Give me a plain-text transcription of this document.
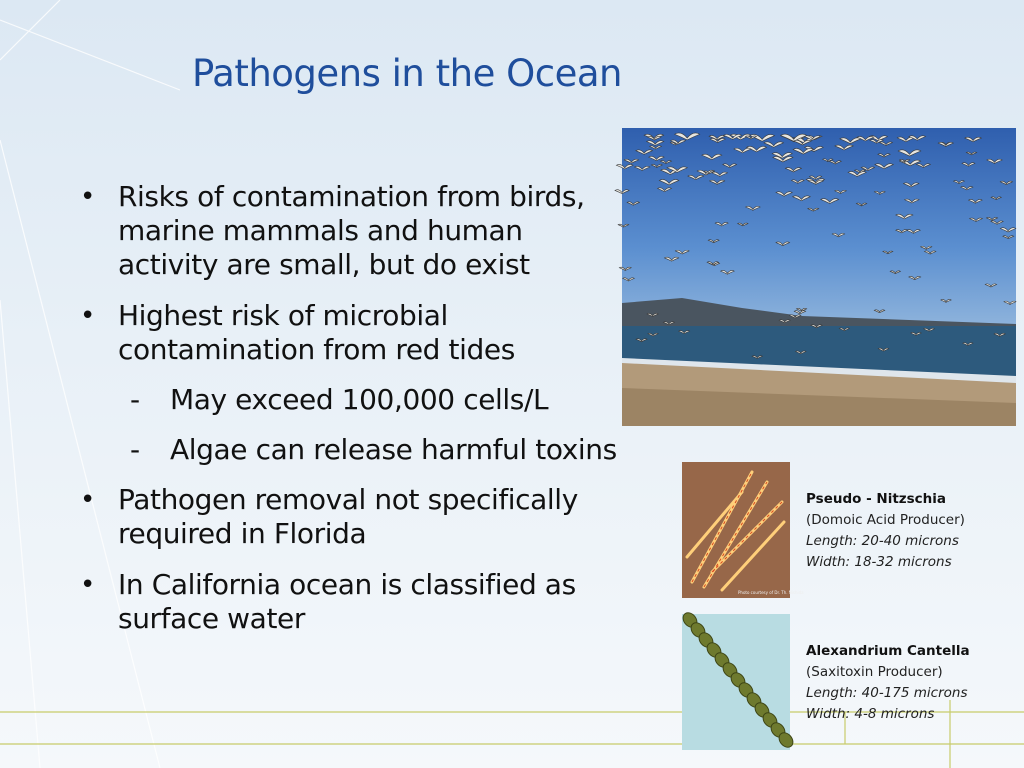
Pathogens in the Ocean
• Risks of contamination from birds, marine mammals and human activity are small, but do exist
• Highest risk of microbial contamination from red tides
- May exceed 100,000 cells/L
- Algae can release harmful toxins
• Pathogen removal not specifically required in Florida
• In California ocean is classified as surface water
Photo courtesy of Dr. Th. Nishida
Pseudo - Nitzschia
(Domoic Acid Producer)
Length: 20-40 microns
Width: 18-32 microns
Alexandrium Cantella
(Saxitoxin Producer)
Length: 40-175 microns
Width: 4-8 microns
